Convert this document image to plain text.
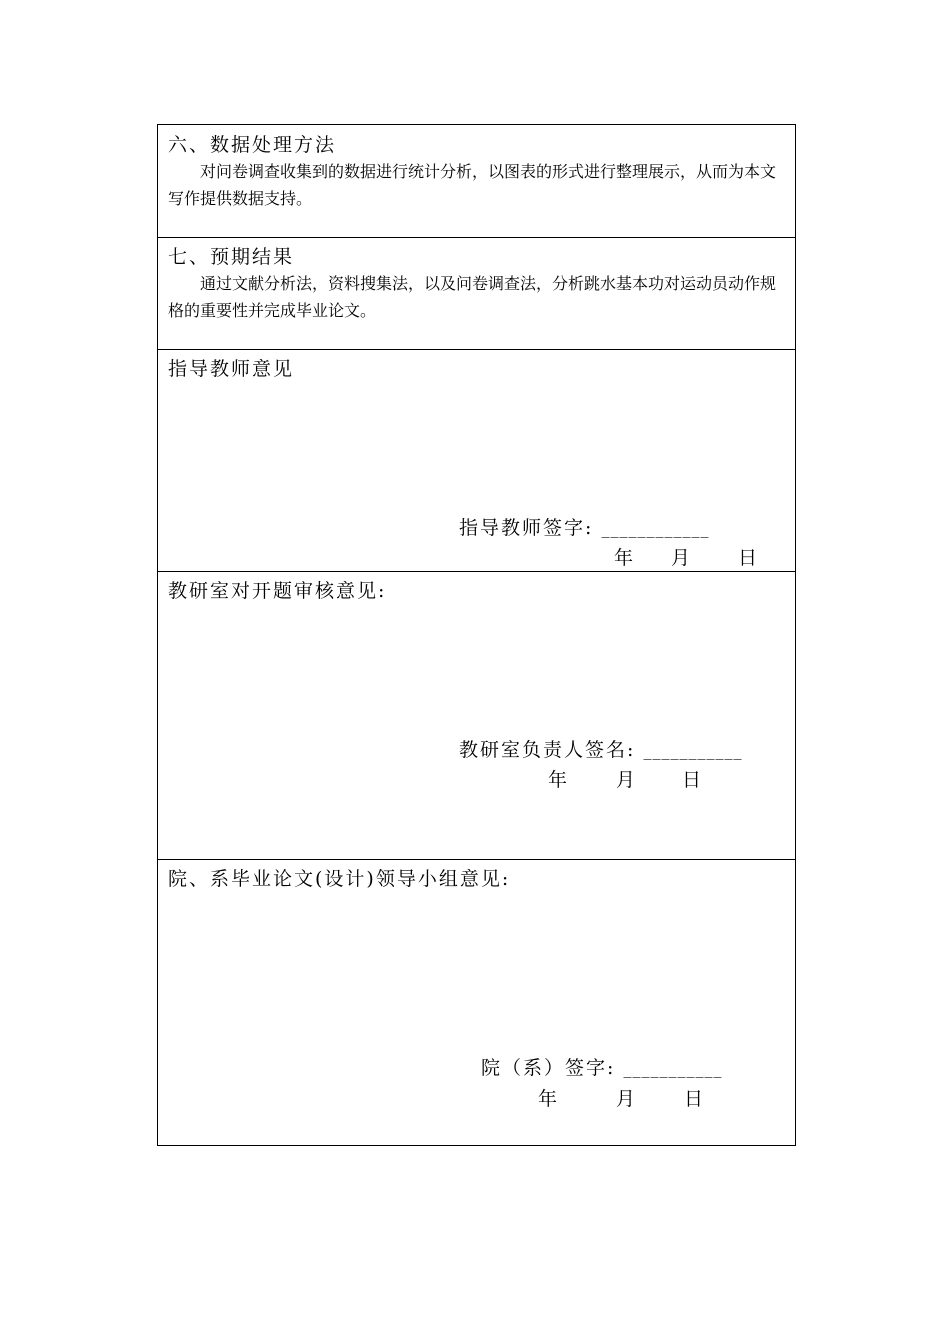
六、数据处理方法
对问卷调查收集到的数据进行统计分析，以图表的形式进行整理展示，从而为本文写作提供数据支持。
七、预期结果
通过文献分析法，资料搜集法，以及问卷调查法，分析跳水基本功对运动员动作规格的重要性并完成毕业论文。
指导教师意见
指导教师签字: ____________
年 月	日
教研室对开题审核意见:
教研室负责人签名: ___________
年	月 日
院、系毕业论文(设计)领导小组意见:
院（系）签字: ___________
年	月	日
